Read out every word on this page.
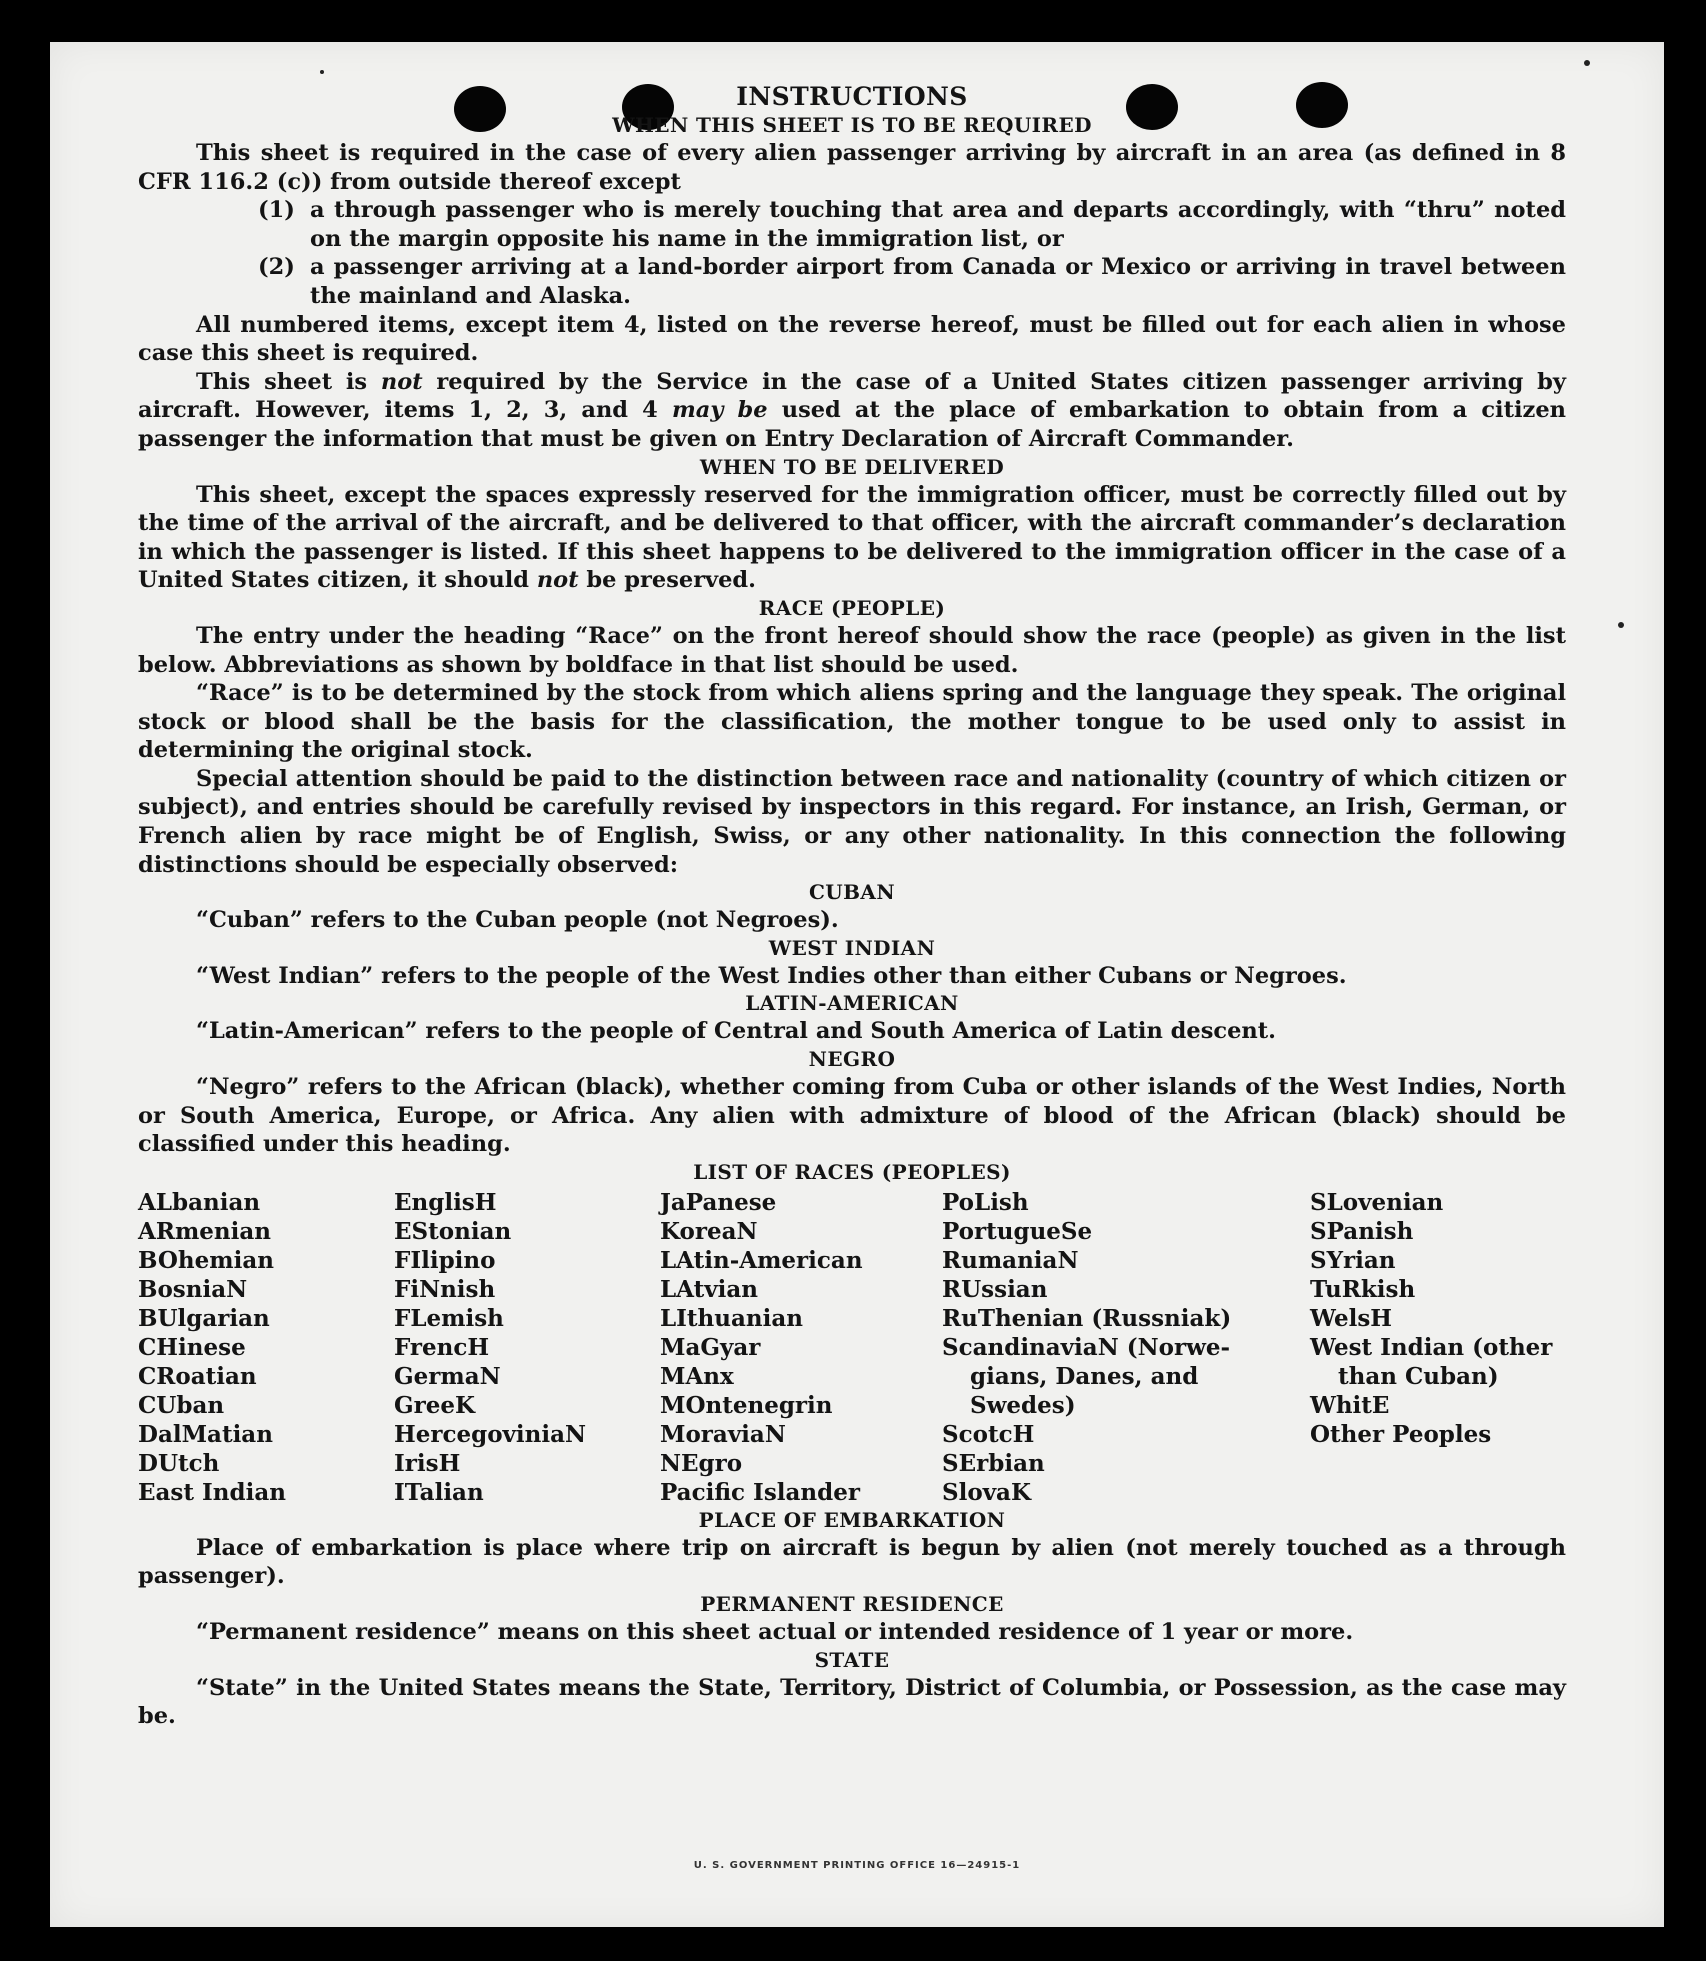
U. S. GOVERNMENT PRINTING OFFICE 16—24915-1
INSTRUCTIONS
WHEN THIS SHEET IS TO BE REQUIRED

This sheet is required in the case of every alien passenger arriving by aircraft in an area (as defined in 8 CFR 116.2 (c)) from outside thereof except

(1) a through passenger who is merely touching that area and departs accordingly, with “thru” noted on the margin opposite his name in the immigration list, or
(2) a passenger arriving at a land-border airport from Canada or Mexico or arriving in travel between the mainland and Alaska.

All numbered items, except item 4, listed on the reverse hereof, must be filled out for each alien in whose case this sheet is required.

This sheet is not required by the Service in the case of a United States citizen passenger arriving by aircraft. However, items 1, 2, 3, and 4 may be used at the place of embarkation to obtain from a citizen passenger the information that must be given on Entry Declaration of Aircraft Commander.

WHEN TO BE DELIVERED

This sheet, except the spaces expressly reserved for the immigration officer, must be correctly filled out by the time of the arrival of the aircraft, and be delivered to that officer, with the aircraft commander’s declaration in which the passenger is listed. If this sheet happens to be delivered to the immigration officer in the case of a United States citizen, it should not be preserved.

RACE (PEOPLE)

The entry under the heading “Race” on the front hereof should show the race (people) as given in the list below. Abbreviations as shown by boldface in that list should be used.

“Race” is to be determined by the stock from which aliens spring and the language they speak. The original stock or blood shall be the basis for the classification, the mother tongue to be used only to assist in determining the original stock.

Special attention should be paid to the distinction between race and nationality (country of which citizen or subject), and entries should be carefully revised by inspectors in this regard. For instance, an Irish, German, or French alien by race might be of English, Swiss, or any other nationality. In this connection the following distinctions should be especially observed:

CUBAN

“Cuban” refers to the Cuban people (not Negroes).

WEST INDIAN

“West Indian” refers to the people of the West Indies other than either Cubans or Negroes.

LATIN-AMERICAN

“Latin-American” refers to the people of Central and South America of Latin descent.

NEGRO

“Negro” refers to the African (black), whether coming from Cuba or other islands of the West Indies, North or South America, Europe, or Africa. Any alien with admixture of blood of the African (black) should be classified under this heading.

LIST OF RACES (PEOPLES)
ALbanian
ARmenian
BOhemian
BosniaN
BUlgarian
CHinese
CRoatian
CUban
DalMatian
DUtch
East Indian
EnglisH
EStonian
FIlipino
FiNnish
FLemish
FrencH
GermaN
GreeK
HercegoviniaN
IrisH
ITalian
JaPanese
KoreaN
LAtin-American
LAtvian
LIthuanian
MaGyar
MAnx
MOntenegrin
MoraviaN
NEgro
Pacific Islander
PoLish
PortugueSe
RumaniaN
RUssian
RuThenian (Russniak)
ScandinaviaN (Norwe-
gians, Danes, and
Swedes)
ScotcH
SErbian
SlovaK
SLovenian
SPanish
SYrian
TuRkish
WelsH
West Indian (other
than Cuban)
WhitE
Other Peoples
PLACE OF EMBARKATION

Place of embarkation is place where trip on aircraft is begun by alien (not merely touched as a through passenger).

PERMANENT RESIDENCE

“Permanent residence” means on this sheet actual or intended residence of 1 year or more.

STATE

“State” in the United States means the State, Territory, District of Columbia, or Possession, as the case may be.
